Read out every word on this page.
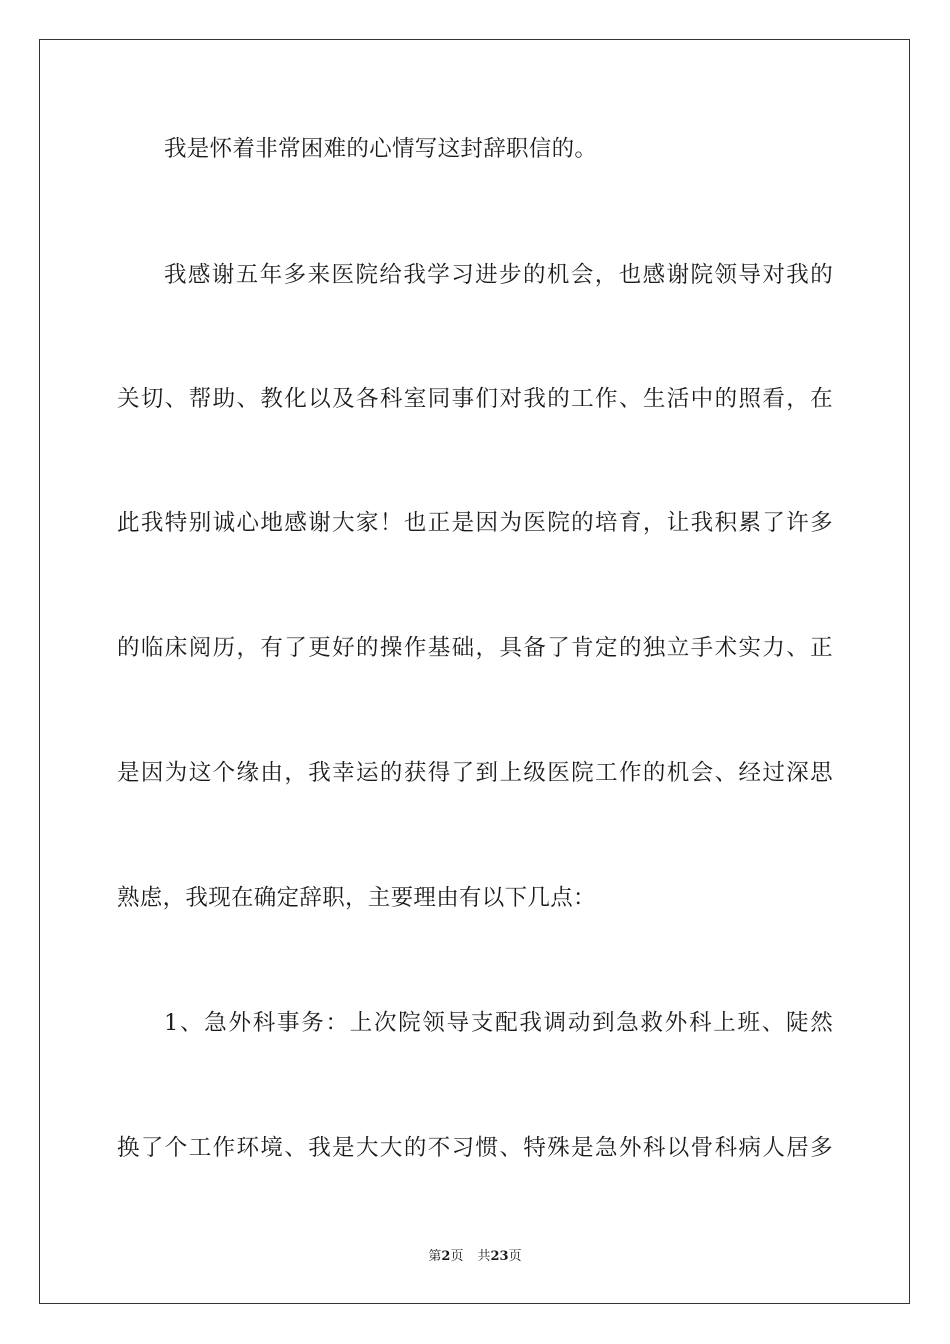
我是怀着非常困难的心情写这封辞职信的。
我感谢五年多来医院给我学习进步的机会，也感谢院领导对我的
关切、帮助、教化以及各科室同事们对我的工作、生活中的照看，在
此我特别诚心地感谢大家！也正是因为医院的培育，让我积累了许多
的临床阅历，有了更好的操作基础，具备了肯定的独立手术实力、正
是因为这个缘由，我幸运的获得了到上级医院工作的机会、经过深思
熟虑，我现在确定辞职，主要理由有以下几点：
1、急外科事务：上次院领导支配我调动到急救外科上班、陡然
换了个工作环境、我是大大的不习惯、特殊是急外科以骨科病人居多
第2页 共23页
